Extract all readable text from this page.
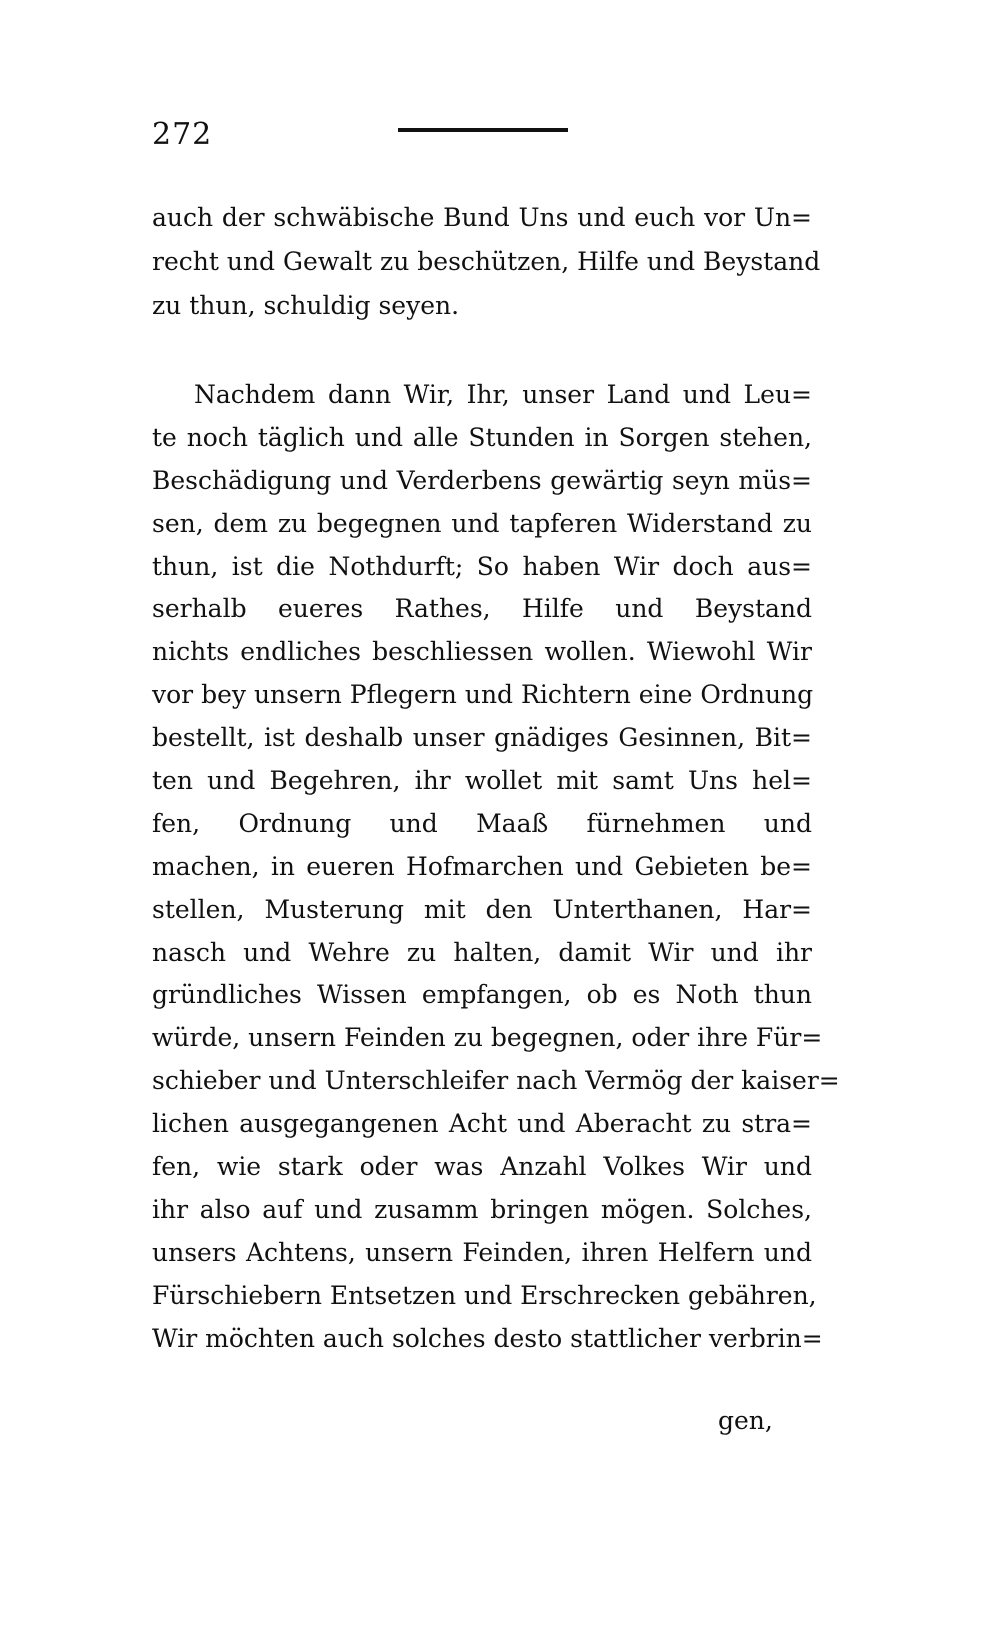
272
auch der schwäbische Bund Uns und euch vor Un=
recht und Gewalt zu beschützen, Hilfe und Beystand
zu thun, schuldig seyen.
Nachdem dann Wir, Ihr, unser Land und Leu=
te noch täglich und alle Stunden in Sorgen stehen,
Beschädigung und Verderbens gewärtig seyn müs=
sen, dem zu begegnen und tapferen Widerstand zu
thun, ist die Nothdurft; So haben Wir doch aus=
serhalb eueres Rathes, Hilfe und Beystand
nichts endliches beschliessen wollen. Wiewohl Wir
vor bey unsern Pflegern und Richtern eine Ordnung
bestellt, ist deshalb unser gnädiges Gesinnen, Bit=
ten und Begehren, ihr wollet mit samt Uns hel=
fen, Ordnung und Maaß fürnehmen und
machen, in eueren Hofmarchen und Gebieten be=
stellen, Musterung mit den Unterthanen, Har=
nasch und Wehre zu halten, damit Wir und ihr
gründliches Wissen empfangen, ob es Noth thun
würde, unsern Feinden zu begegnen, oder ihre Für=
schieber und Unterschleifer nach Vermög der kaiser=
lichen ausgegangenen Acht und Aberacht zu stra=
fen, wie stark oder was Anzahl Volkes Wir und
ihr also auf und zusamm bringen mögen. Solches,
unsers Achtens, unsern Feinden, ihren Helfern und
Fürschiebern Entsetzen und Erschrecken gebähren,
Wir möchten auch solches desto stattlicher verbrin=
gen,
